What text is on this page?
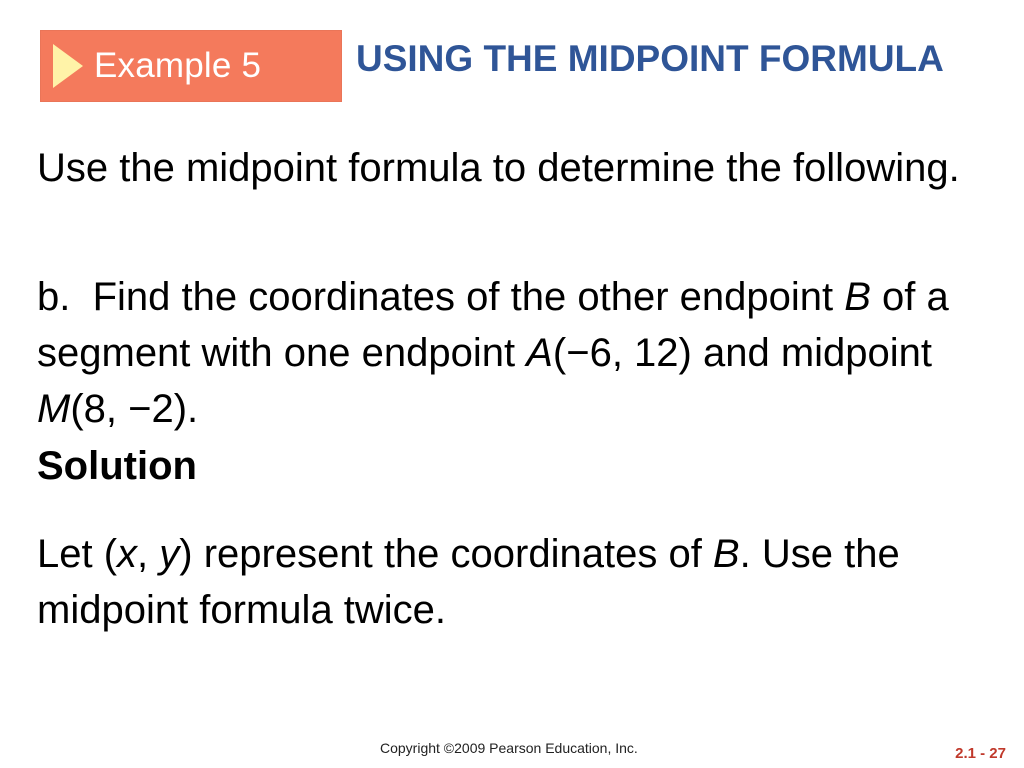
Example 5	USING THE MIDPOINT FORMULA

Use the midpoint formula to determine the following.

b. Find the coordinates of the other endpoint B of a segment with one endpoint A(−6, 12) and midpoint M(8, −2).

Solution

Let (x, y) represent the coordinates of B. Use the midpoint formula twice.

Copyright ©2009 Pearson Education, Inc.	2.1 - 27
